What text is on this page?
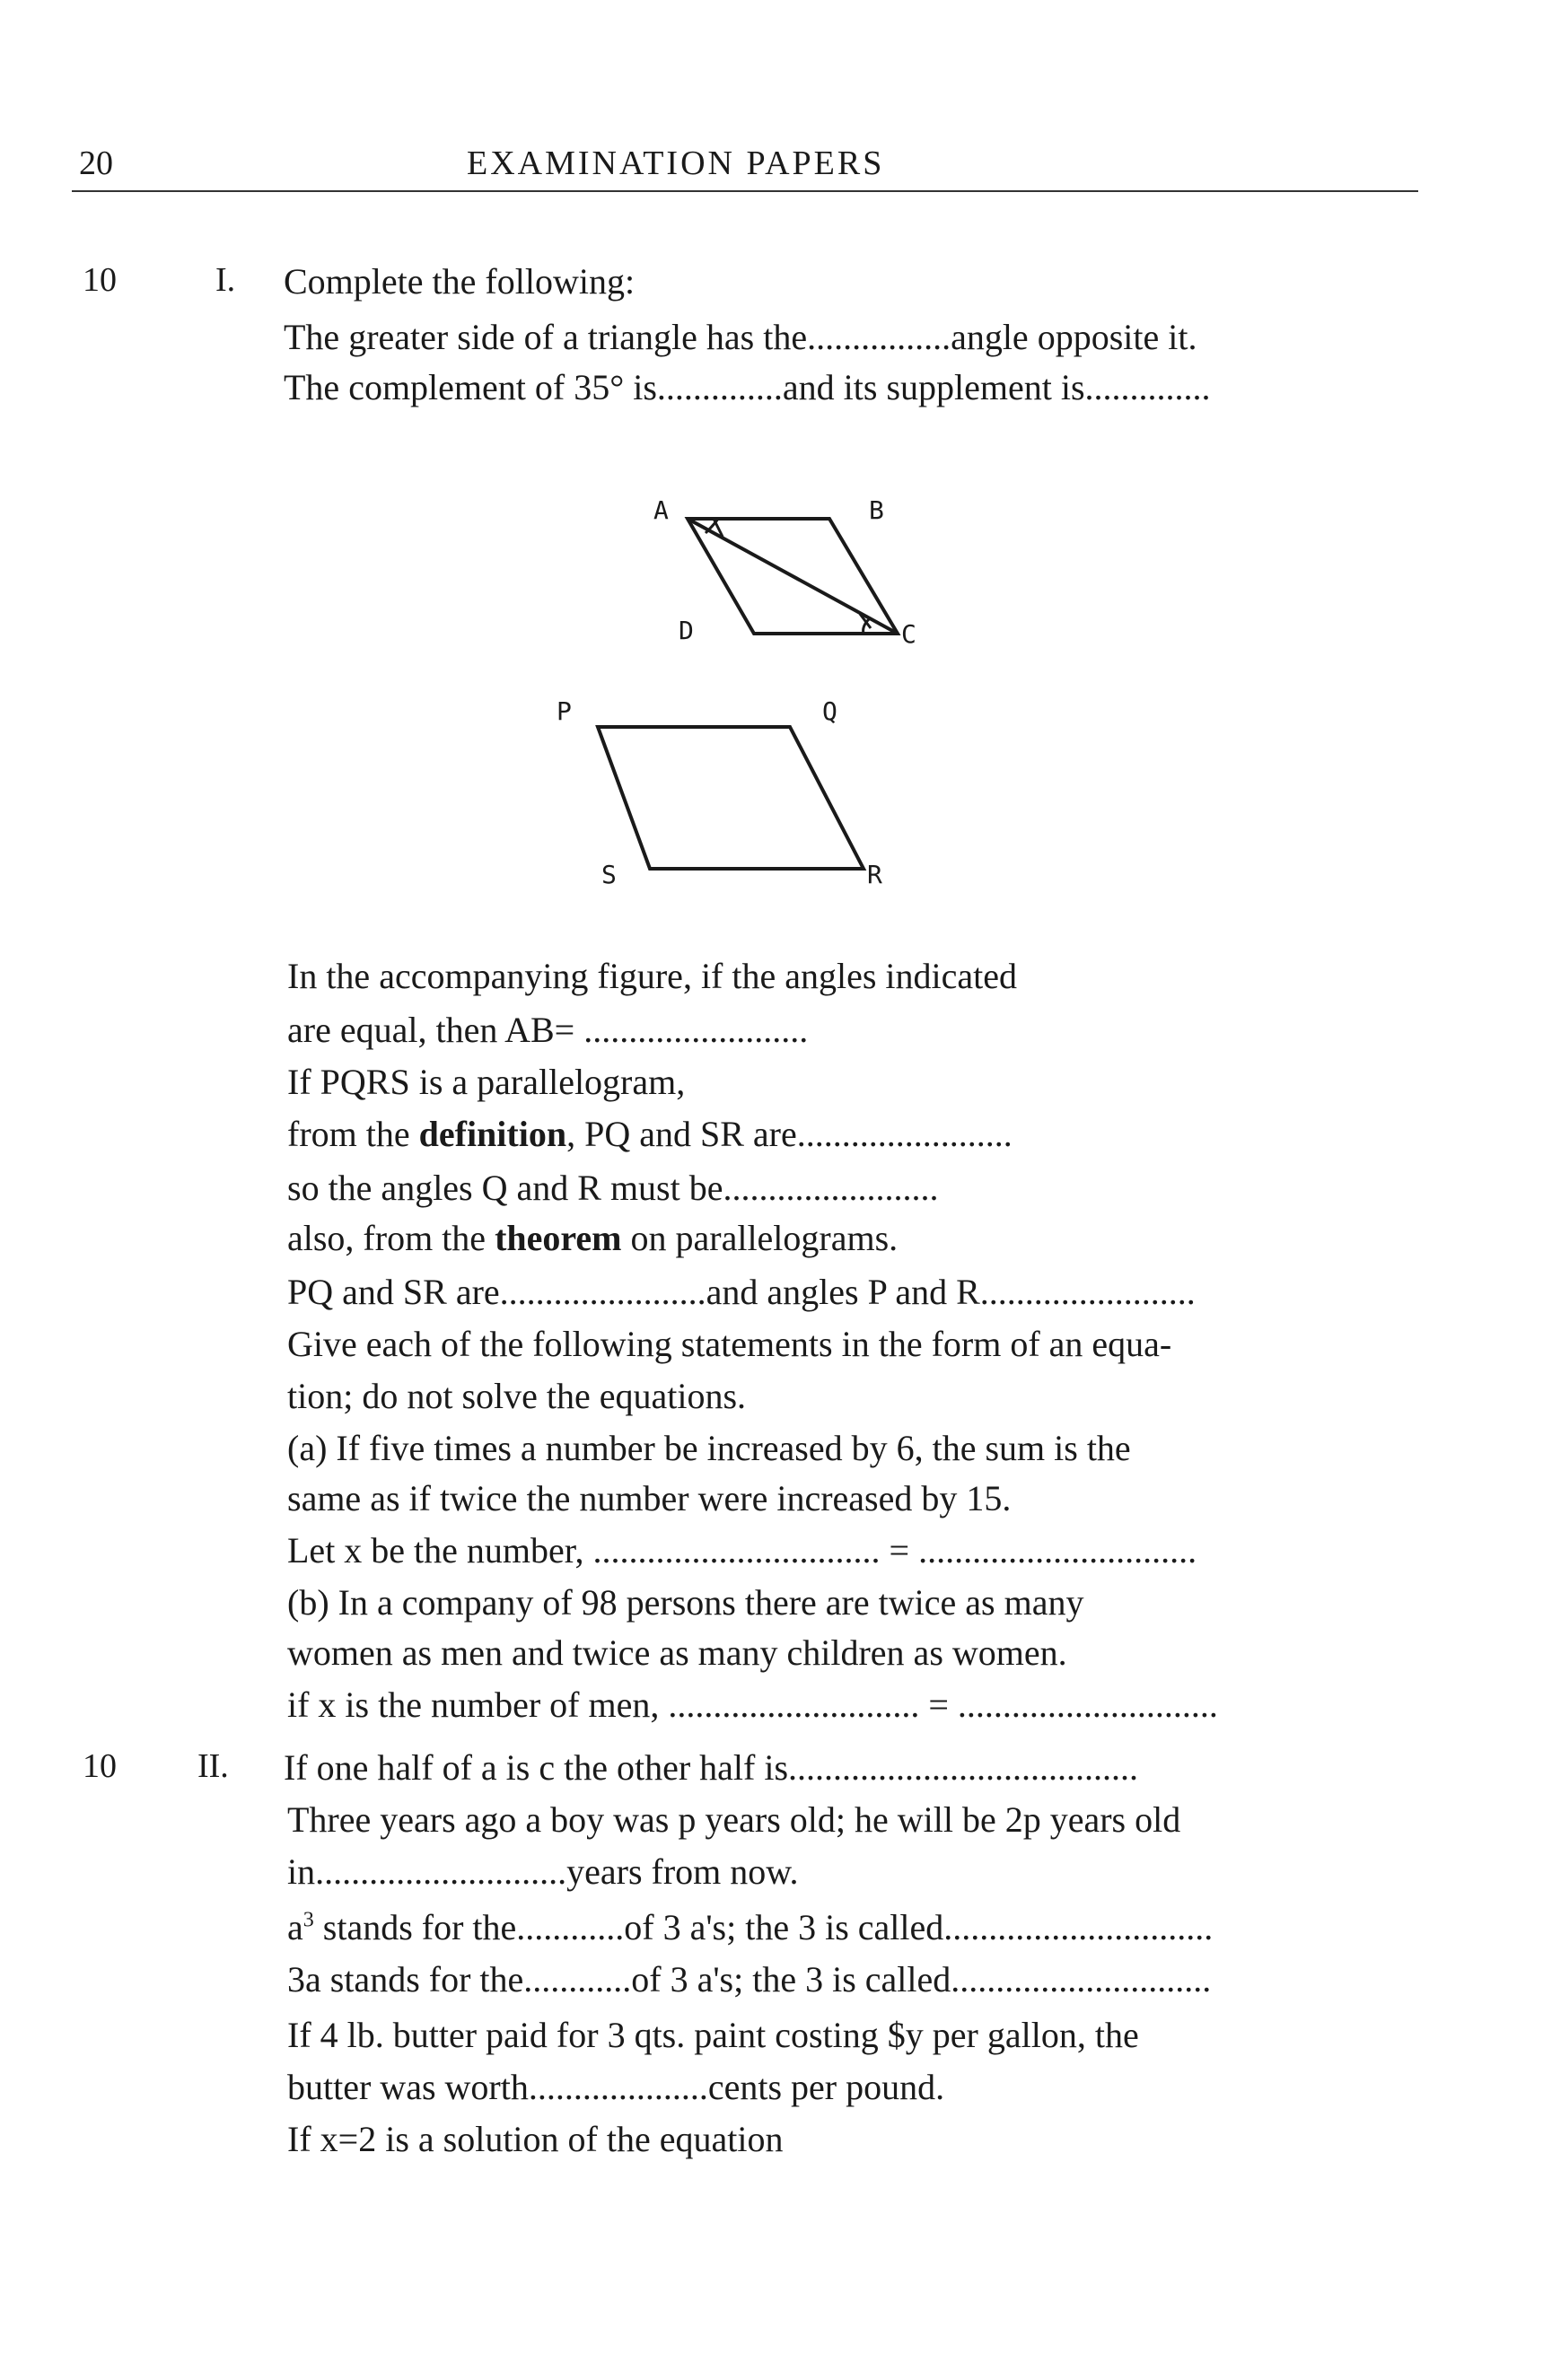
20	EXAMINATION PAPERS
10	I. Complete the following:
The greater side of a triangle has the................angle opposite it.
The complement of 35° is..............and its supplement is..............
A	B
C
D
P	Q
R
S
In the accompanying figure, if the angles indicated
are equal, then AB= .........................
If PQRS is a parallelogram,
from the definition, PQ and SR are........................
so the angles Q and R must be........................
also, from the theorem on parallelograms.
PQ and SR are.......................and angles P and R........................
Give each of the following statements in the form of an equa-
tion; do not solve the equations.
(a) If five times a number be increased by 6, the sum is the
same as if twice the number were increased by 15.
Let x be the number, ................................ = ...............................
(b) In a company of 98 persons there are twice as many
women as men and twice as many children as women.
if x is the number of men, ............................ = .............................
10 II. If one half of a is c the other half is.......................................
Three years ago a boy was p years old; he will be 2p years old
in............................years from now.
$a^3$ stands for the............of 3 a's; the 3 is called..............................
3a stands for the............of 3 a's; the 3 is called.............................
If 4 lb. butter paid for 3 qts. paint costing $y per gallon, the
butter was worth....................cents per pound.
If x=2 is a solution of the equation
